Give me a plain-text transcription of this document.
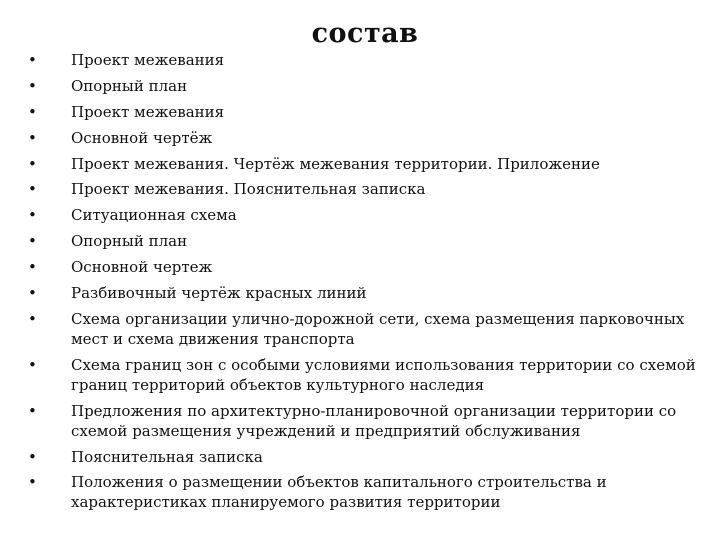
состав
• Проект межевания
• Опорный план
• Проект межевания
• Основной чертёж
• Проект межевания. Чертёж межевания территории. Приложение
• Проект межевания. Пояснительная записка
• Ситуационная схема
• Опорный план
• Основной чертеж
• Разбивочный чертёж красных линий
• Схема организации улично-дорожной сети, схема размещения парковочных мест и схема движения транспорта
• Схема границ зон с особыми условиями использования территории со схемой границ территорий объектов культурного наследия
• Предложения по архитектурно-планировочной организации территории со схемой размещения учреждений и предприятий обслуживания
• Пояснительная записка
• Положения о размещении объектов капитального строительства и характеристиках планируемого развития территории
